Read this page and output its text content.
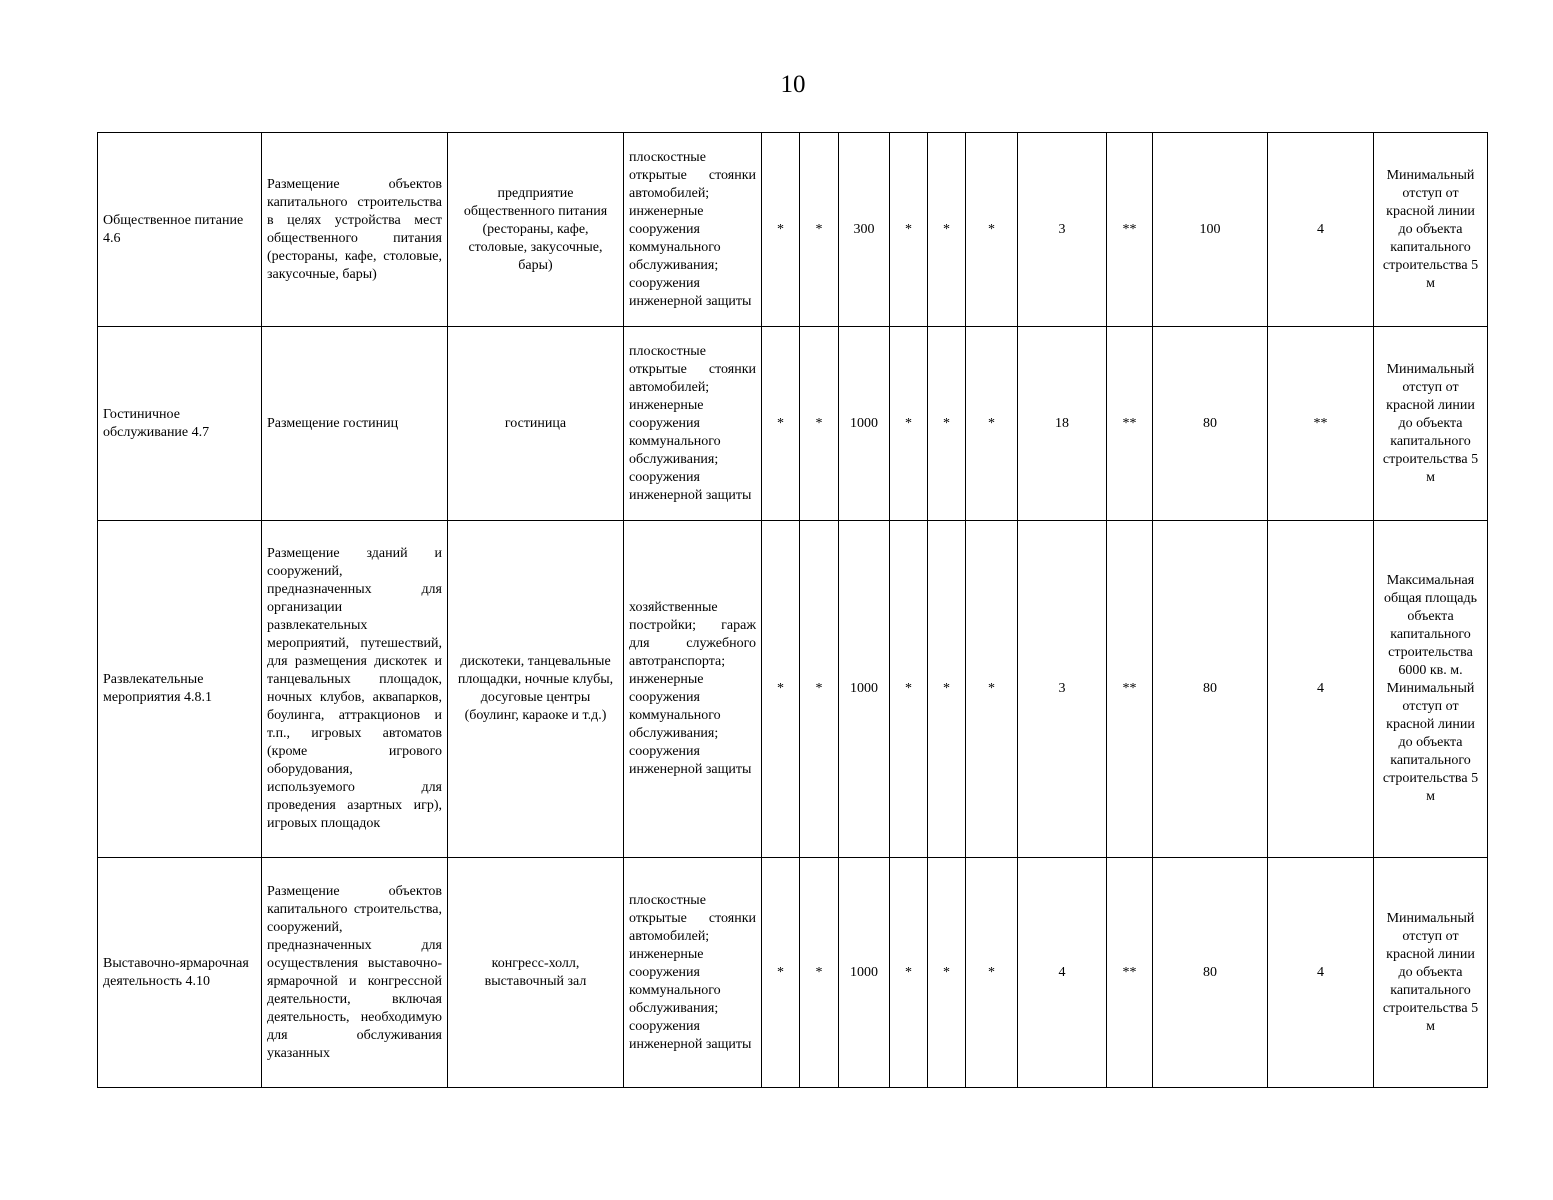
10
Общественное питание 4.6	Размещение объектов капитального строительства в целях устройства мест общественного питания (рестораны, кафе, столовые, закусочные, бары)	предприятие общественного питания (рестораны, кафе, столовые, закусочные, бары)	плоскостные открытые стоянки автомобилей; инженерные сооружения коммунального обслуживания; сооружения инженерной защиты	*	*	300	*	*	*	3	**	100	4	Минимальный отступ от красной линии до объекта капитального строительства 5 м
Гостиничное обслуживание 4.7	Размещение гостиниц	гостиница	плоскостные открытые стоянки автомобилей; инженерные сооружения коммунального обслуживания; сооружения инженерной защиты	*	*	1000	*	*	*	18	**	80	**	Минимальный отступ от красной линии до объекта капитального строительства 5 м
Развлекательные мероприятия 4.8.1	Размещение зданий и сооружений, предназначенных для организации развлекательных мероприятий, путешествий, для размещения дискотек и танцевальных площадок, ночных клубов, аквапарков, боулинга, аттракционов и т.п., игровых автоматов (кроме игрового оборудования, используемого для проведения азартных игр), игровых площадок	дискотеки, танцевальные площадки, ночные клубы, досуговые центры (боулинг, караоке и т.д.)	хозяйственные постройки; гараж для служебного автотранспорта; инженерные сооружения коммунального обслуживания; сооружения инженерной защиты	*	*	1000	*	*	*	3	**	80	4	Максимальная общая площадь объекта капитального строительства 6000 кв. м. Минимальный отступ от красной линии до объекта капитального строительства 5 м
Выставочно-ярмарочная деятельность 4.10	Размещение объектов капитального строительства, сооружений, предназначенных для осуществления выставочно-ярмарочной и конгрессной деятельности, включая деятельность, необходимую для обслуживания указанных	конгресс-холл, выставочный зал	плоскостные открытые стоянки автомобилей; инженерные сооружения коммунального обслуживания; сооружения инженерной защиты	*	*	1000	*	*	*	4	**	80	4	Минимальный отступ от красной линии до объекта капитального строительства 5 м
